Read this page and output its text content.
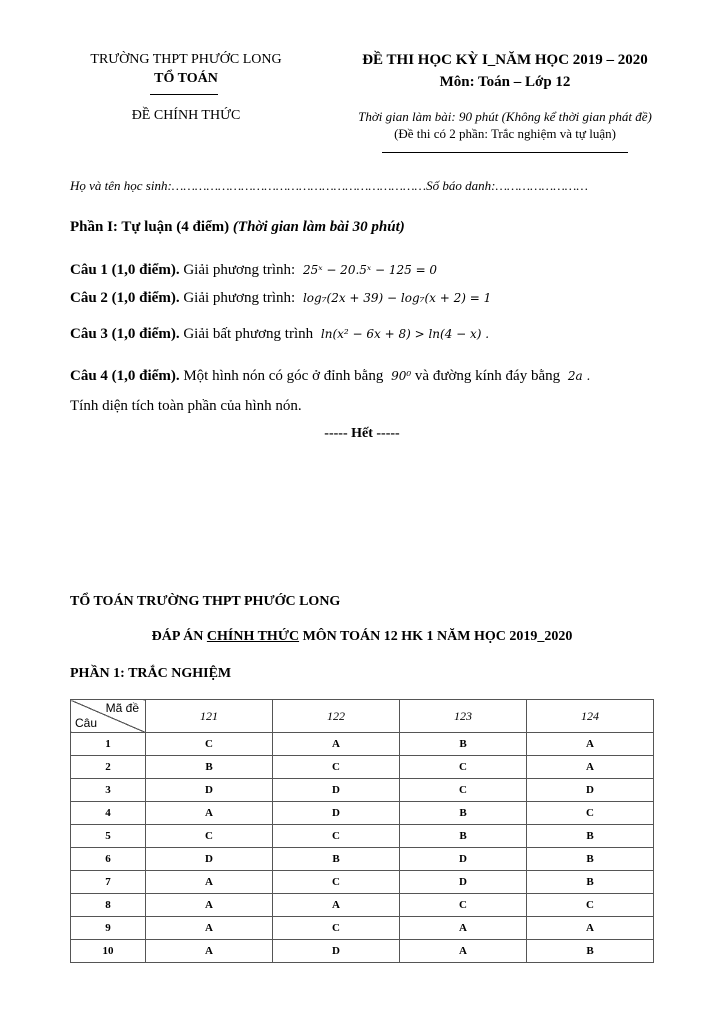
TRƯỜNG THPT PHƯỚC LONG
TỔ TOÁN
ĐỀ CHÍNH THỨC
ĐỀ THI HỌC KỲ I_NĂM HỌC 2019 – 2020
Môn: Toán – Lớp 12
Thời gian làm bài: 90 phút (Không kể thời gian phát đề)
(Đề thi có 2 phần: Trắc nghiệm và tự luận)
Họ và tên học sinh:…………………………………………………………Số báo danh:……………………
Phần I: Tự luận (4 điểm) (Thời gian làm bài 30 phút)
Câu 1 (1,0 điểm). Giải phương trình: 25ˣ − 20.5ˣ − 125 = 0
Câu 2 (1,0 điểm). Giải phương trình: log₇(2x + 39) − log₇(x + 2) = 1
Câu 3 (1,0 điểm). Giải bất phương trình ln(x² − 6x + 8) > ln(4 − x) .
Câu 4 (1,0 điểm). Một hình nón có góc ở đỉnh bằng 90⁰ và đường kính đáy bằng 2a .
Tính diện tích toàn phần của hình nón.
----- Hết -----
TỔ TOÁN TRƯỜNG THPT PHƯỚC LONG
ĐÁP ÁN CHÍNH THỨC MÔN TOÁN 12 HK 1 NĂM HỌC 2019_2020
PHẦN 1: TRẮC NGHIỆM
Mã đề
Câu	121	122	123	124
1	C	A	B	A
2	B	C	C	A
3	D	D	C	D
4	A	D	B	C
5	C	C	B	B
6	D	B	D	B
7	A	C	D	B
8	A	A	C	C
9	A	C	A	A
10	A	D	A	B
